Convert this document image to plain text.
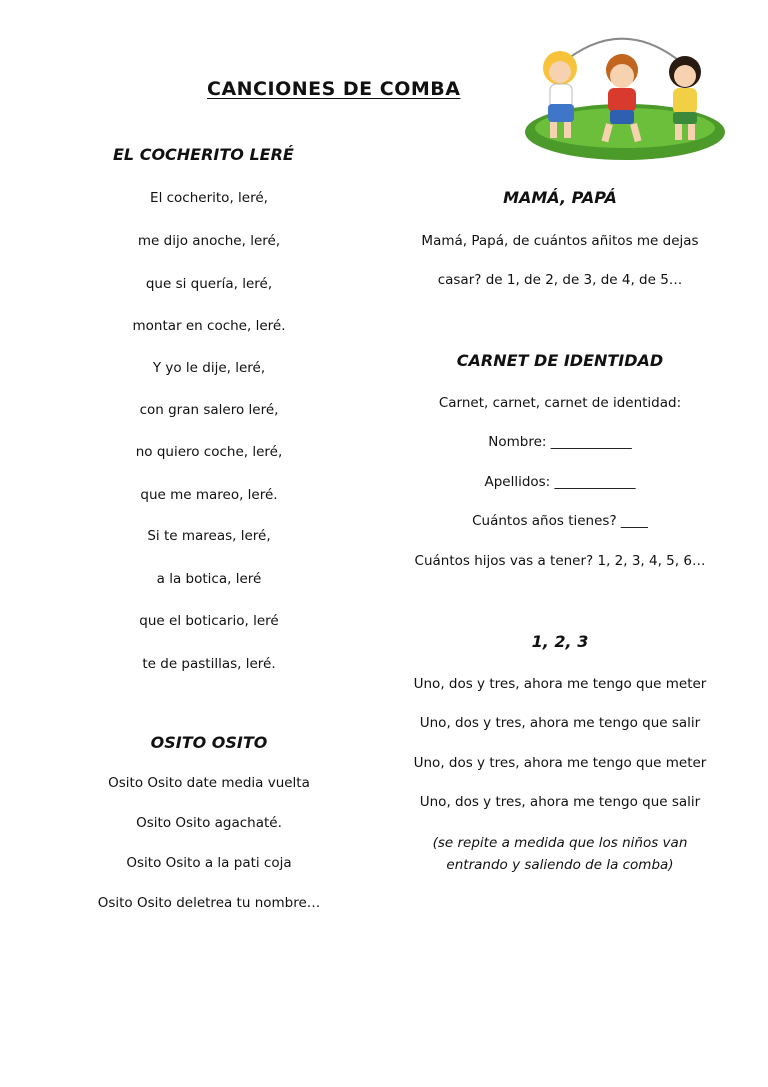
CANCIONES DE COMBA
EL COCHERITO LERÉ
El cocherito, leré,
me dijo anoche, leré,
que si quería, leré,
montar en coche, leré.
Y yo le dije, leré,
con gran salero leré,
no quiero coche, leré,
que me mareo, leré.
Si te mareas, leré,
a la botica, leré
que el boticario, leré
te de pastillas, leré.
OSITO OSITO
Osito Osito date media vuelta
Osito Osito agachaté.
Osito Osito a la pati coja
Osito Osito deletrea tu nombre…
MAMÁ, PAPÁ
Mamá, Papá, de cuántos añitos me dejas
casar? de 1, de 2, de 3, de 4, de 5…
CARNET DE IDENTIDAD
Carnet, carnet, carnet de identidad:
Nombre: ____________
Apellidos: ____________
Cuántos años tienes? ____
Cuántos hijos vas a tener? 1, 2, 3, 4, 5, 6…
1, 2, 3
Uno, dos y tres, ahora me tengo que meter
Uno, dos y tres, ahora me tengo que salir
Uno, dos y tres, ahora me tengo que meter
Uno, dos y tres, ahora me tengo que salir
(se repite a medida que los niños van entrando y saliendo de la comba)
